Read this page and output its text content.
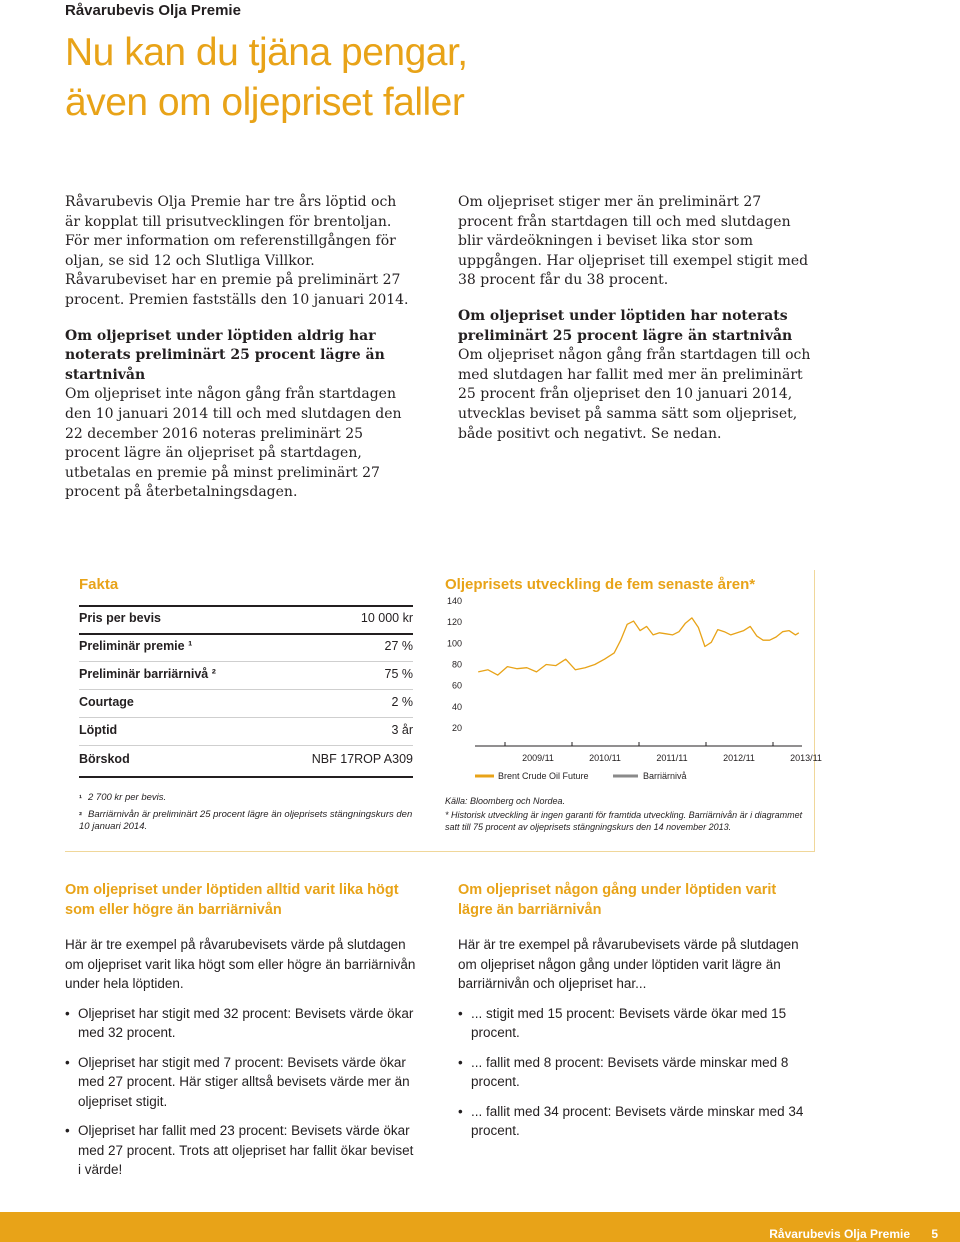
Råvarubevis Olja Premie
Nu kan du tjäna pengar,
även om oljepriset faller

Råvarubevis Olja Premie har tre års löptid och är kopplat till prisutvecklingen för brentoljan. För mer information om referenstillgången för oljan, se sid 12 och Slutliga Villkor. Råvarubeviset har en premie på preliminärt 27 procent. Premien fastställs den 10 januari 2014.

Om oljepriset under löptiden aldrig har noterats preliminärt 25 procent lägre än startnivån
Om oljepriset inte någon gång från startdagen den 10 januari 2014 till och med slutdagen den 22 december 2016 noteras preliminärt 25 procent lägre än oljepriset på startdagen, utbetalas en premie på minst preliminärt 27 procent på återbetalningsdagen.

Om oljepriset stiger mer än preliminärt 27 procent från startdagen till och med slutdagen blir värdeökningen i beviset lika stor som uppgången. Har oljepriset till exempel stigit med 38 procent får du 38 procent.

Om oljepriset under löptiden har noterats preliminärt 25 procent lägre än startnivån
Om oljepriset någon gång från startdagen till och med slutdagen har fallit med mer än preliminärt 25 procent från oljepriset den 10 januari 2014, utvecklas beviset på samma sätt som oljepriset, både positivt och negativt. Se nedan.

Fakta
Pris per bevis	10 000 kr
Preliminär premie ¹	27 %
Preliminär barriärnivå ²	75 %
Courtage	2 %
Löptid	3 år
Börskod	NBF 17ROP A309
$^{^1}$ 2 700 kr per bevis.
$^{^2}$ Barriärnivån är preliminärt 25 procent lägre än oljeprisets stängningskurs den 10 januari 2014.
Oljeprisets utveckling de fem senaste åren*
140
120
100
80
60
40
20
2009/11	2010/11	2011/11	2012/11	2013/11
Brent Crude Oil Future	Barriärnivå
Källa: Bloomberg och Nordea.
* Historisk utveckling är ingen garanti för framtida utveckling. Barriärnivån är i diagrammet satt till 75 procent av oljeprisets stängningskurs den 14 november 2013.
Om oljepriset under löptiden alltid varit lika högt som eller högre än barriärnivån
Här är tre exempel på råvarubevisets värde på slutdagen om oljepriset varit lika högt som eller högre än barriärnivån under hela löptiden.
• Oljepriset har stigit med 32 procent: Bevisets värde ökar med 32 procent.
• Oljepriset har stigit med 7 procent: Bevisets värde ökar med 27 procent. Här stiger alltså bevisets värde mer än oljepriset stigit.
• Oljepriset har fallit med 23 procent: Bevisets värde ökar med 27 procent. Trots att oljepriset har fallit ökar beviset i värde!
Om oljepriset någon gång under löptiden varit lägre än barriärnivån
Här är tre exempel på råvarubevisets värde på slutdagen om oljepriset någon gång under löptiden varit lägre än barriärnivån och oljepriset har...
• ... stigit med 15 procent: Bevisets värde ökar med 15 procent.
• ... fallit med 8 procent: Bevisets värde minskar med 8 procent.
• ... fallit med 34 procent: Bevisets värde minskar med 34 procent.
Råvarubevis Olja Premie 5
